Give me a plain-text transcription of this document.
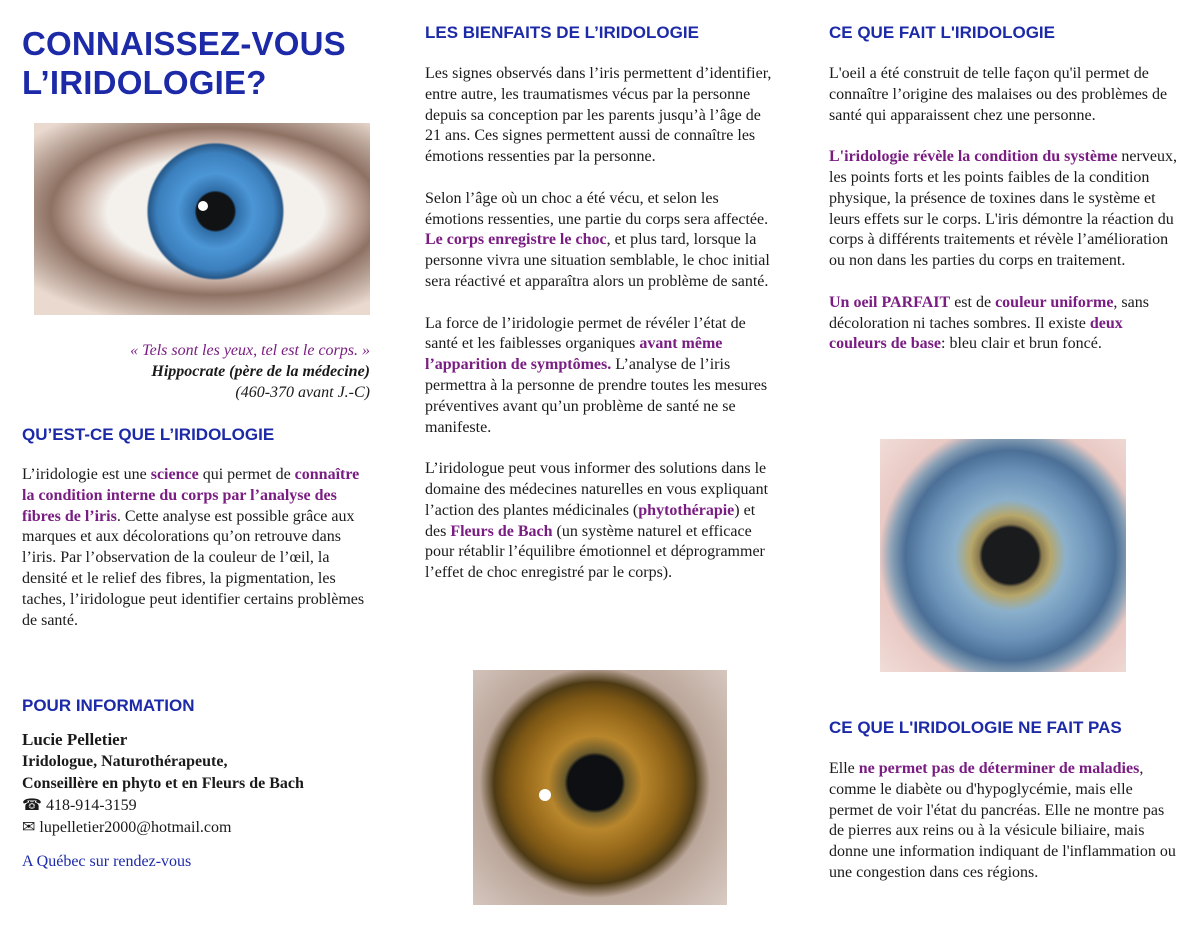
CONNAISSEZ-VOUS
L’IRIDOLOGIE?
« Tels sont les yeux, tel est le corps. »
Hippocrate (père de la médecine)
(460-370 avant J.-C)
QU’EST-CE QUE L’IRIDOLOGIE

L’iridologie est une science qui permet de connaître la condition interne du corps par l’analyse des fibres de l’iris. Cette analyse est possible grâce aux marques et aux décolorations qu’on retrouve dans l’iris. Par l’observation de la couleur de l’œil, la densité et le relief des fibres, la pigmentation, les taches, l’iridologue peut identifier certains problèmes de santé.

POUR INFORMATION
Lucie Pelletier
Iridologue, Naturothérapeute,
Conseillère en phyto et en Fleurs de Bach
☎ 418-914-3159
✉ lupelletier2000@hotmail.com
A Québec sur rendez-vous
LES BIENFAITS DE L’IRIDOLOGIE

Les signes observés dans l’iris permettent d’identifier, entre autre, les traumatismes vécus par la personne depuis sa conception par les parents jusqu’à l’âge de 21 ans. Ces signes permettent aussi de connaître les émotions ressenties par la personne.

Selon l’âge où un choc a été vécu, et selon les émotions ressenties, une partie du corps sera affectée. Le corps enregistre le choc, et plus tard, lorsque la personne vivra une situation semblable, le choc initial sera réactivé et apparaîtra alors un problème de santé.

La force de l’iridologie permet de révéler l’état de santé et les faiblesses organiques avant même l’apparition de symptômes. L’analyse de l’iris permettra à la personne de prendre toutes les mesures préventives avant qu’un problème de santé ne se manifeste.

L’iridologue peut vous informer des solutions dans le domaine des médecines naturelles en vous expliquant l’action des plantes médicinales (phytothérapie) et des Fleurs de Bach (un système naturel et efficace pour rétablir l’équilibre émotionnel et déprogrammer l’effet de choc enregistré par le corps).

CE QUE FAIT L'IRIDOLOGIE

L'oeil a été construit de telle façon qu'il permet de connaître l’origine des malaises ou des problèmes de santé qui apparaissent chez une personne.

L'iridologie révèle la condition du système nerveux, les points forts et les points faibles de la condition physique, la présence de toxines dans le système et leurs effets sur le corps. L'iris démontre la réaction du corps à différents traitements et révèle l’amélioration ou non dans les parties du corps en traitement.

Un oeil PARFAIT est de couleur uniforme, sans décoloration ni taches sombres. Il existe deux couleurs de base: bleu clair et brun foncé.

CE QUE L'IRIDOLOGIE NE FAIT PAS

Elle ne permet pas de déterminer de maladies, comme le diabète ou d'hypoglycémie, mais elle permet de voir l'état du pancréas. Elle ne montre pas de pierres aux reins ou à la vésicule biliaire, mais donne une information indiquant de l'inflammation ou une congestion dans ces régions.
